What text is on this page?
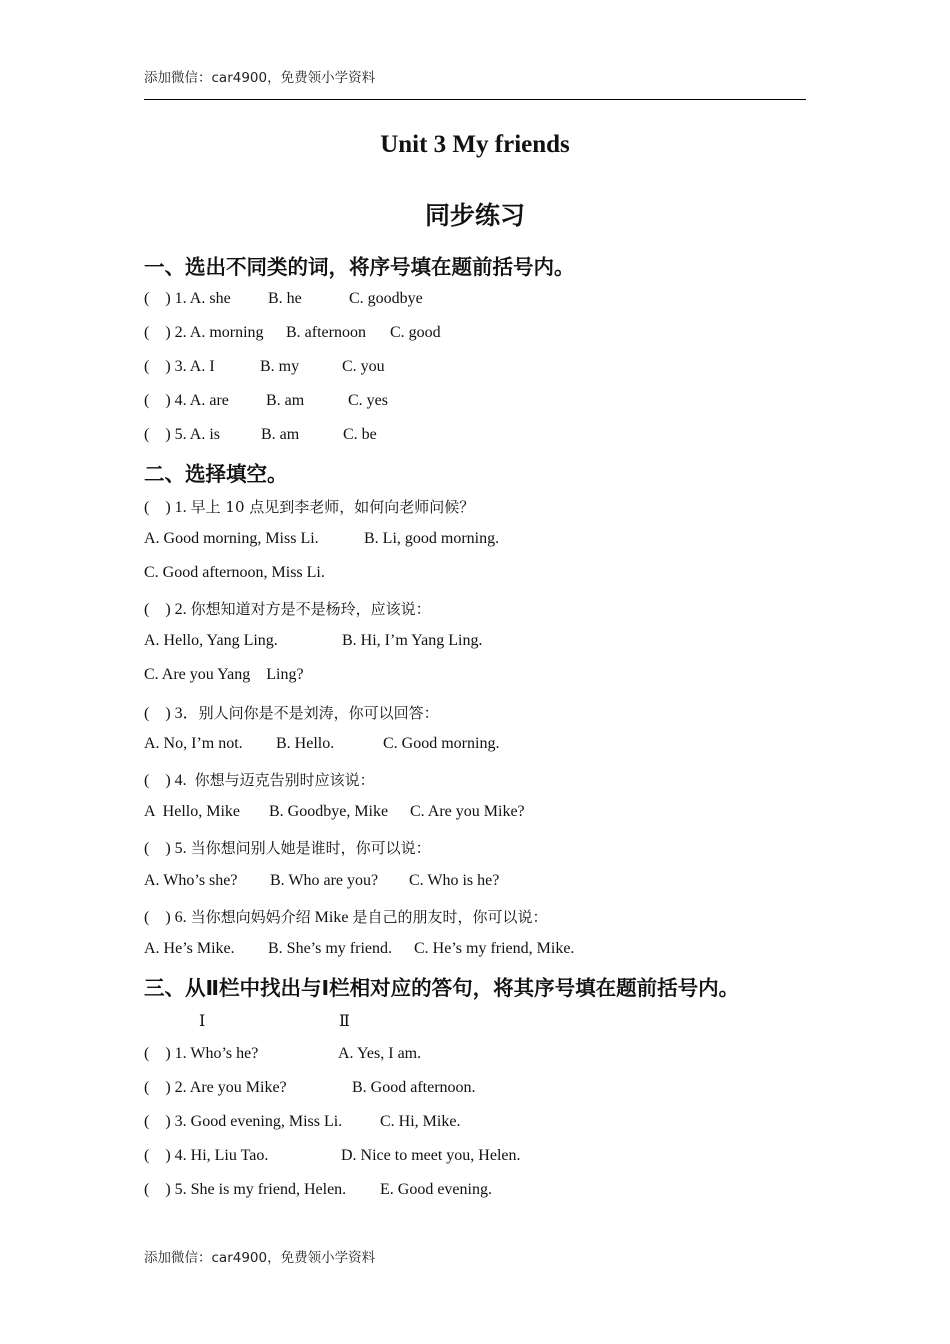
添加微信：car4900，免费领小学资料
Unit 3 My friends
同步练习
一、选出不同类的词，将序号填在题前括号内。
(    ) 1. A. she B. he	C. goodbye
(    ) 2. A. morning B. afternoon C. good
(    ) 3. A. I	B. my	C. you
(    ) 4. A. are B. am	C. yes
(    ) 5. A. is	B. am	C. be
二、选择填空。
(    ) 1. 早上 10 点见到李老师，如何向老师问候？
A. Good morning, Miss Li.	B. Li, good morning.
C. Good afternoon, Miss Li.
(    ) 2. 你想知道对方是不是杨玲，应该说：
A. Hello, Yang Ling.	B. Hi, I’m Yang Ling.
C. Are you Yang    Ling?
(    ) 3．别人问你是不是刘涛，你可以回答：
A. No, I’m not. B. Hello.	C. Good morning.
(    ) 4. 你想与迈克告别时应该说：
A  Hello, Mike B. Goodbye, Mike C. Are you Mike?
(    ) 5. 当你想问别人她是谁时，你可以说：
A. Who’s she? B. Who are you? C. Who is he?
(    ) 6. 当你想向妈妈介绍 Mike 是自己的朋友时，你可以说：
A. He’s Mike. B. She’s my friend. C. He’s my friend, Mike.
三、从Ⅱ栏中找出与Ⅰ栏相对应的答句，将其序号填在题前括号内。
Ⅰ	Ⅱ
(    ) 1. Who’s he?	A. Yes, I am.
(    ) 2. Are you Mike?	B. Good afternoon.
(    ) 3. Good evening, Miss Li. C. Hi, Mike.
(    ) 4. Hi, Liu Tao.	D. Nice to meet you, Helen.
(    ) 5. She is my friend, Helen. E. Good evening.
添加微信：car4900，免费领小学资料
